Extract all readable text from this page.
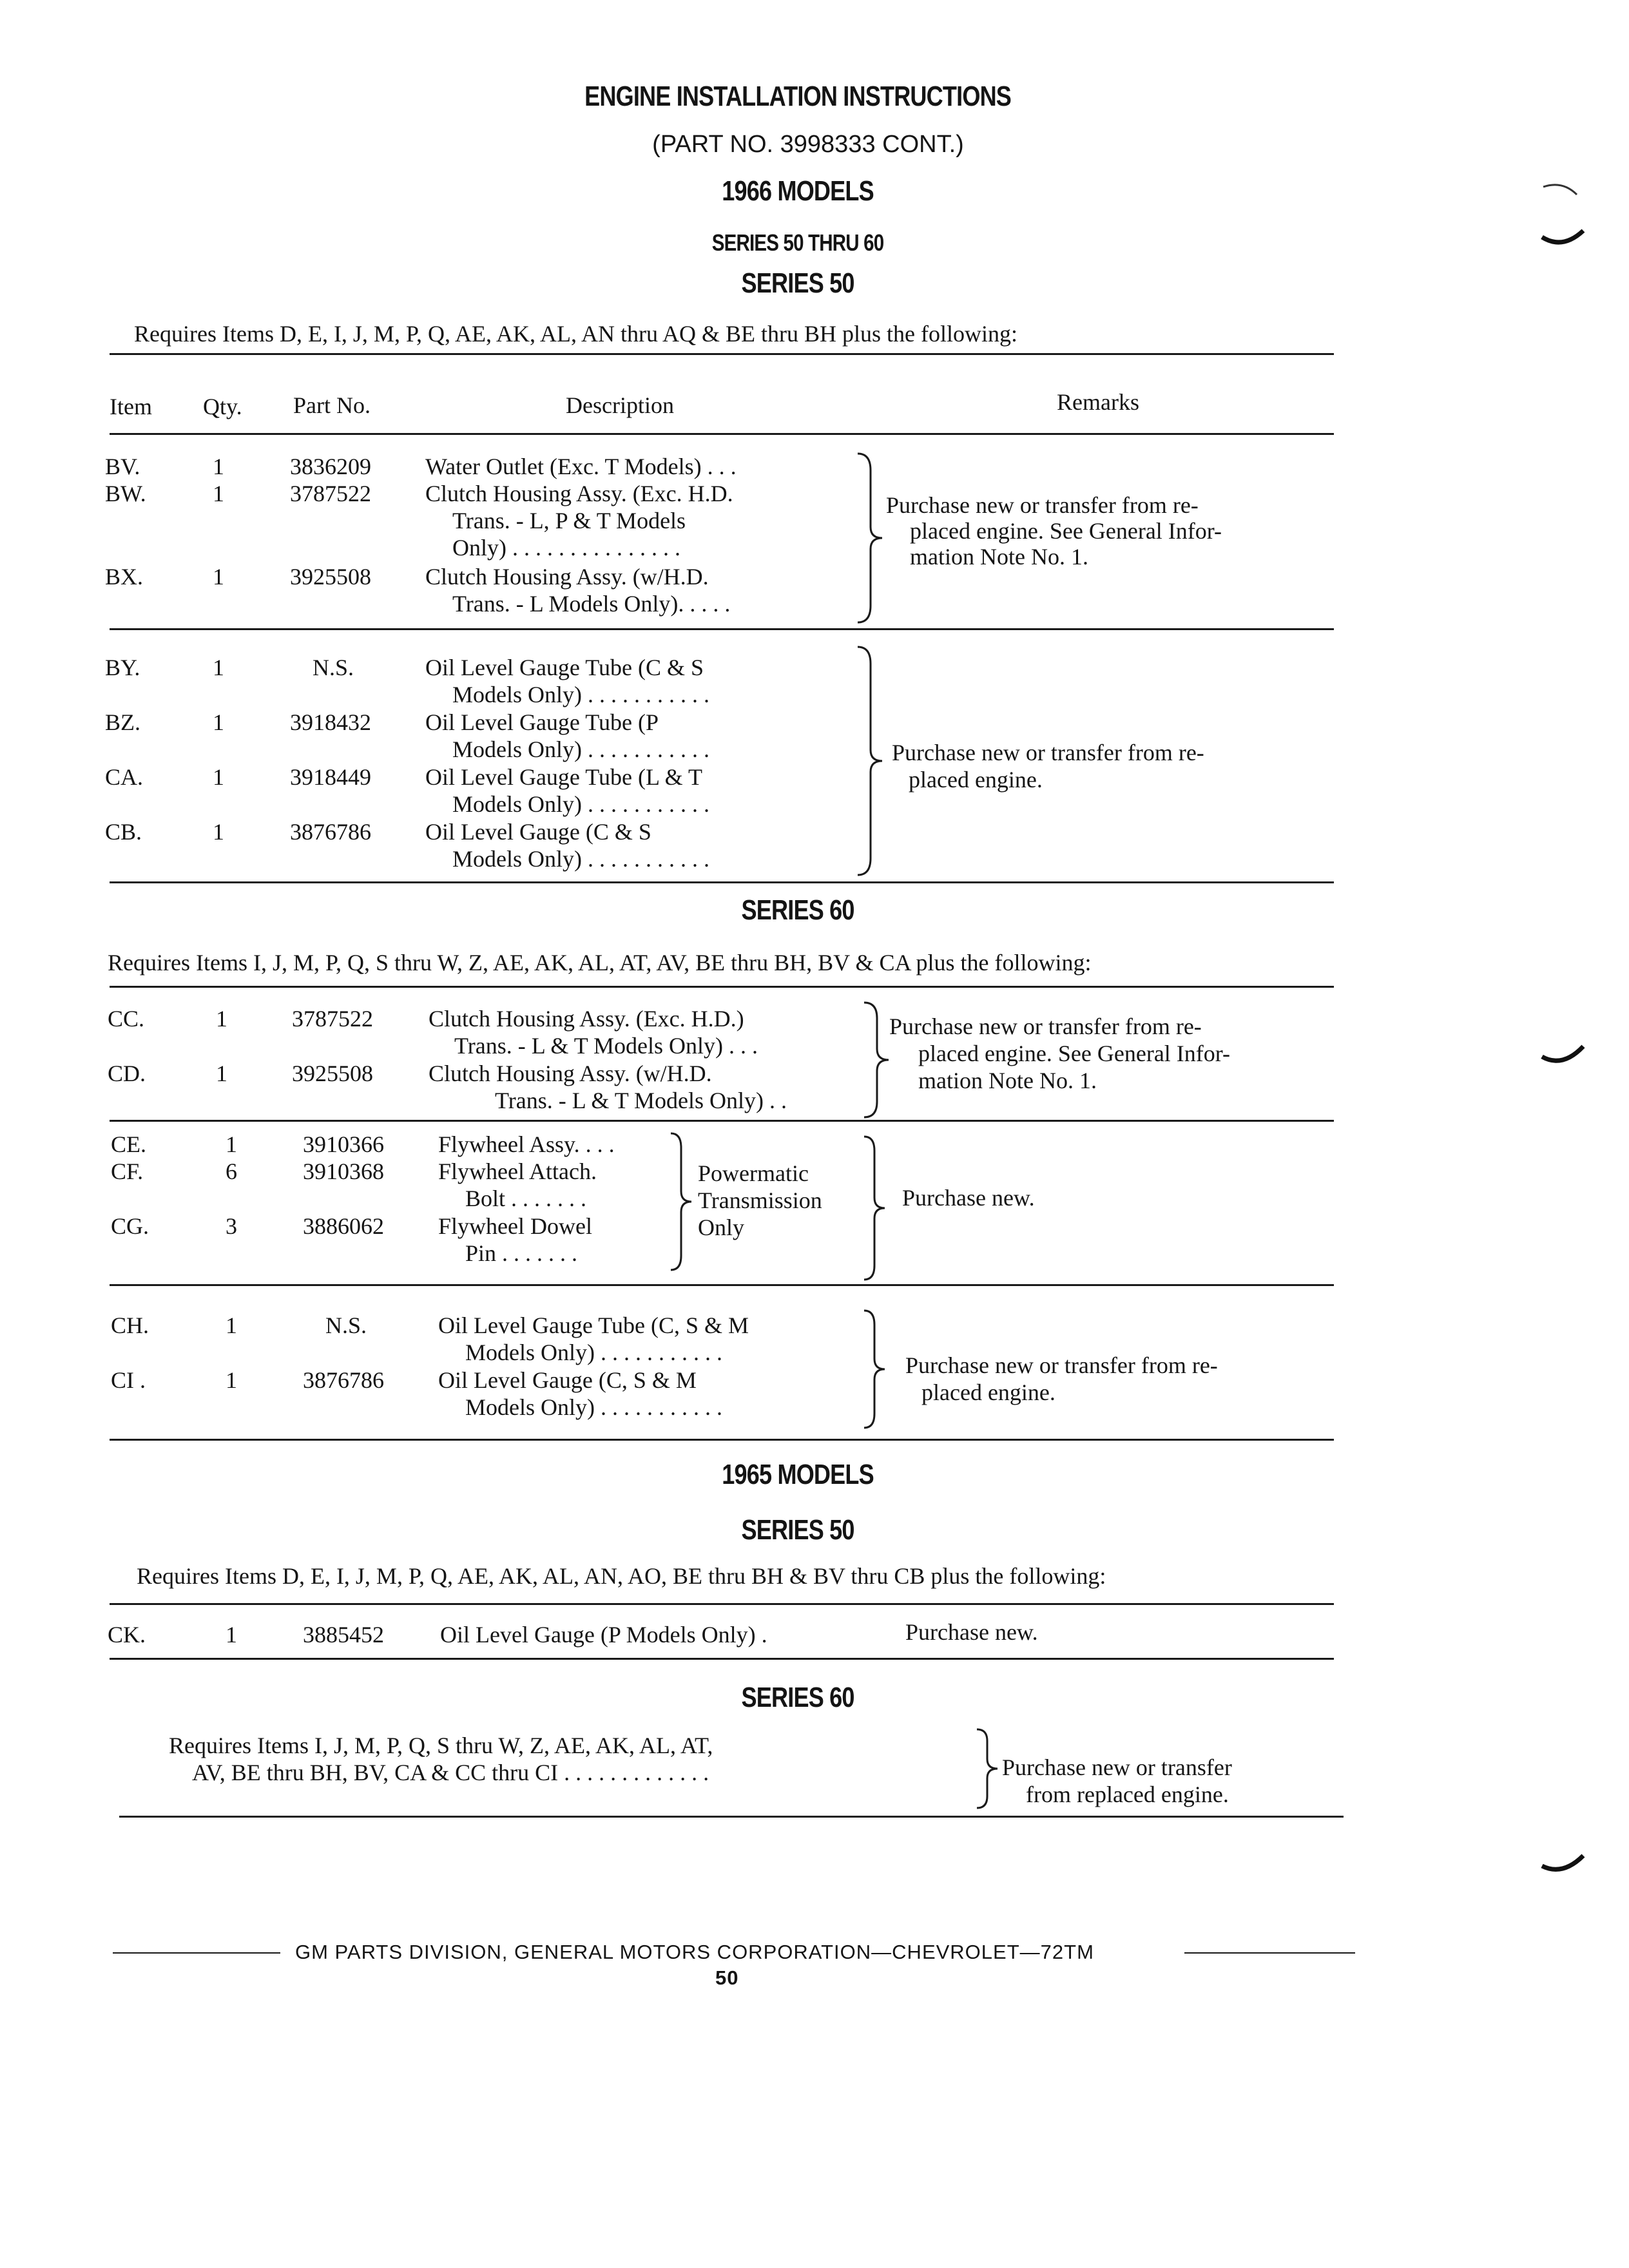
ENGINE INSTALLATION INSTRUCTIONS
(PART NO. 3998333 CONT.)
1966 MODELS
SERIES 50 THRU 60
SERIES 50
Requires Items D, E, I, J, M, P, Q, AE, AK, AL, AN thru AQ & BE thru BH plus the following:
Item Qty. Part No.	Description	Remarks
BV.	1	3836209 Water Outlet (Exc. T Models) . . .
BW.	1	3787522 Clutch Housing Assy. (Exc. H.D.
Trans. - L, P & T Models
Only) . . . . . . . . . . . . . . .
BX.	1	3925508 Clutch Housing Assy. (w/H.D.
Trans. - L Models Only). . . . .
Purchase new or transfer from re-
placed engine. See General Infor-
mation Note No. 1.
BY.	1	N.S.	Oil Level Gauge Tube (C & S
Models Only) . . . . . . . . . . .
BZ.	1	3918432 Oil Level Gauge Tube (P
Models Only) . . . . . . . . . . .
CA.	1	3918449 Oil Level Gauge Tube (L & T
Models Only) . . . . . . . . . . .
CB.	1	3876786 Oil Level Gauge (C & S
Models Only) . . . . . . . . . . .
Purchase new or transfer from re-
placed engine.
SERIES 60
Requires Items I, J, M, P, Q, S thru W, Z, AE, AK, AL, AT, AV, BE thru BH, BV & CA plus the following:
CC.	1	3787522 Clutch Housing Assy. (Exc. H.D.)
Trans. - L & T Models Only) . . .
CD.	1	3925508 Clutch Housing Assy. (w/H.D.
Trans. - L & T Models Only) . .
Purchase new or transfer from re-
placed engine. See General Infor-
mation Note No. 1.
CE.	1	3910366 Flywheel Assy. . . .
CF.	6	3910368 Flywheel Attach.
Bolt . . . . . . .
CG.	3	3886062 Flywheel Dowel
Pin . . . . . . .
Powermatic
Transmission
Only
Purchase new.
CH.	1	N.S.	Oil Level Gauge Tube (C, S & M
Models Only) . . . . . . . . . . .
CI .	1	3876786 Oil Level Gauge (C, S & M
Models Only) . . . . . . . . . . .
Purchase new or transfer from re-
placed engine.
1965 MODELS
SERIES 50
Requires Items D, E, I, J, M, P, Q, AE, AK, AL, AN, AO, BE thru BH & BV thru CB plus the following:
CK.	1	3885452 Oil Level Gauge (P Models Only) .	Purchase new.
SERIES 60
Requires Items I, J, M, P, Q, S thru W, Z, AE, AK, AL, AT,
AV, BE thru BH, BV, CA & CC thru CI . . . . . . . . . . . . .	Purchase new or transfer
from replaced engine.
GM PARTS DIVISION, GENERAL MOTORS CORPORATION—CHEVROLET—72TM
50
